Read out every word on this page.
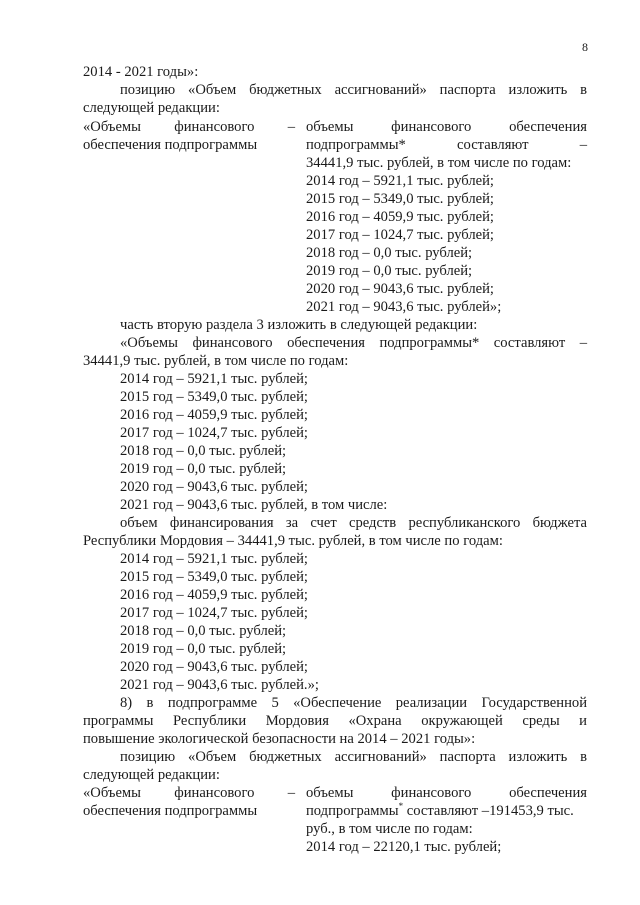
8
2014 - 2021 годы»:
позицию «Объем бюджетных ассигнований» паспорта изложить в
следующей редакции:
«Объемы финансового –
обеспечения подпрограммы
объемы финансового обеспечения
подпрограммы* составляют –
34441,9 тыс. рублей, в том числе по годам:
2014 год – 5921,1 тыс. рублей;
2015 год – 5349,0 тыс. рублей;
2016 год – 4059,9 тыс. рублей;
2017 год – 1024,7 тыс. рублей;
2018 год – 0,0 тыс. рублей;
2019 год – 0,0 тыс. рублей;
2020 год – 9043,6 тыс. рублей;
2021 год – 9043,6 тыс. рублей»;
часть вторую раздела 3 изложить в следующей редакции:
«Объемы финансового обеспечения подпрограммы* составляют –
34441,9 тыс. рублей, в том числе по годам:
2014 год – 5921,1 тыс. рублей;
2015 год – 5349,0 тыс. рублей;
2016 год – 4059,9 тыс. рублей;
2017 год – 1024,7 тыс. рублей;
2018 год – 0,0 тыс. рублей;
2019 год – 0,0 тыс. рублей;
2020 год – 9043,6 тыс. рублей;
2021 год – 9043,6 тыс. рублей, в том числе:
объем финансирования за счет средств республиканского бюджета
Республики Мордовия – 34441,9 тыс. рублей, в том числе по годам:
2014 год – 5921,1 тыс. рублей;
2015 год – 5349,0 тыс. рублей;
2016 год – 4059,9 тыс. рублей;
2017 год – 1024,7 тыс. рублей;
2018 год – 0,0 тыс. рублей;
2019 год – 0,0 тыс. рублей;
2020 год – 9043,6 тыс. рублей;
2021 год – 9043,6 тыс. рублей.»;
8) в подпрограмме 5 «Обеспечение реализации Государственной
программы Республики Мордовия «Охрана окружающей среды и
повышение экологической безопасности на 2014 – 2021 годы»:
позицию «Объем бюджетных ассигнований» паспорта изложить в
следующей редакции:
«Объемы финансового –
обеспечения подпрограммы
объемы финансового обеспечения
подпрограммы* составляют –191453,9 тыс.
руб., в том числе по годам:
2014 год – 22120,1 тыс. рублей;
